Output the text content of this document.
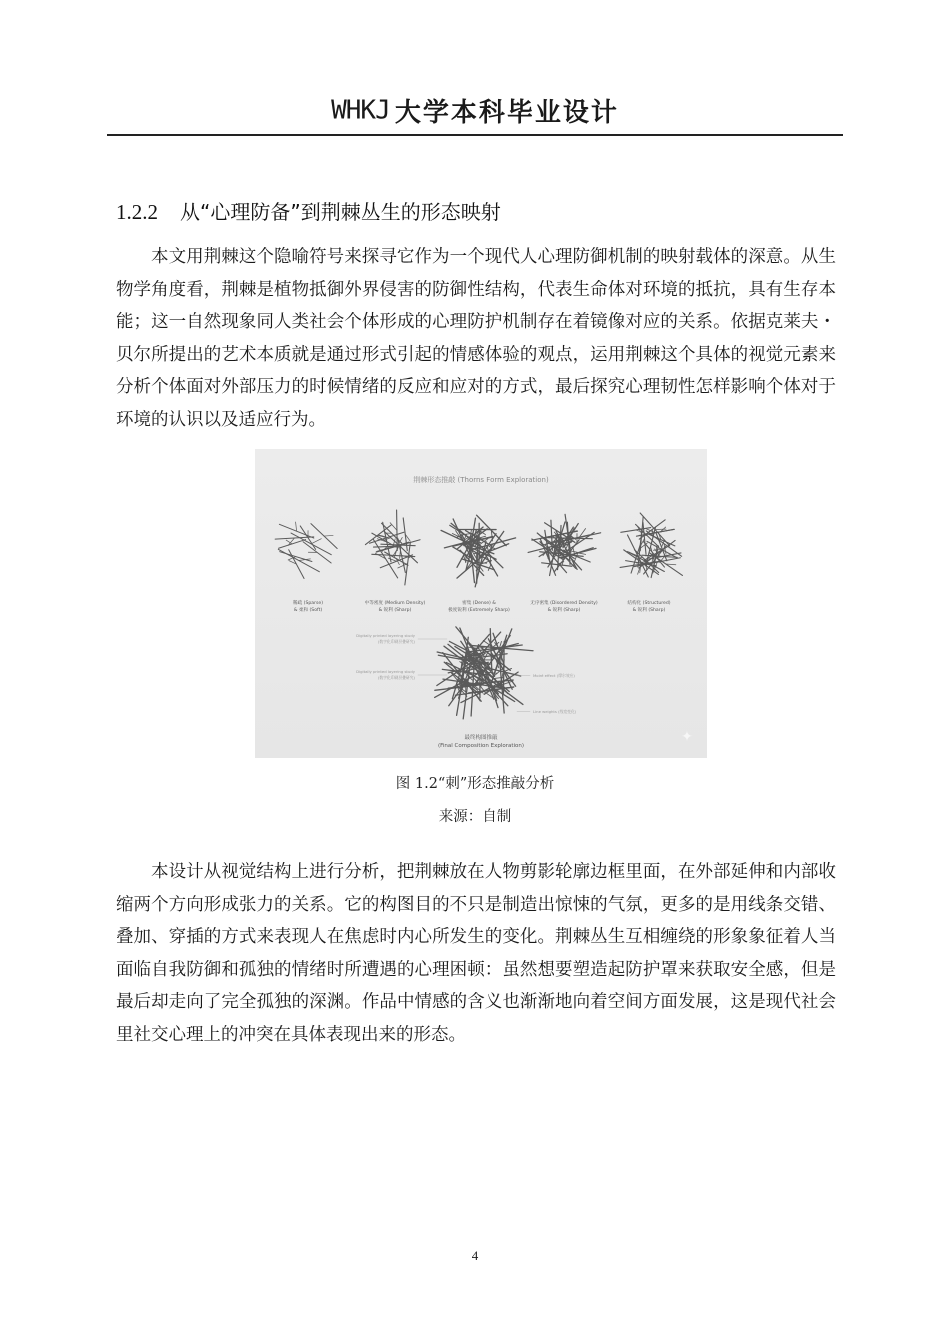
WHKJ 大学本科毕业设计
1.2.2 从“心理防备”到荆棘丛生的形态映射

本文用荆棘这个隐喻符号来探寻它作为一个现代人心理防御机制的映射载体的深意。从生物学角度看，荆棘是植物抵御外界侵害的防御性结构，代表生命体对环境的抵抗，具有生存本能；这一自然现象同人类社会个体形成的心理防护机制存在着镜像对应的关系。依据克莱夫・贝尔所提出的艺术本质就是通过形式引起的情感体验的观点，运用荆棘这个具体的视觉元素来分析个体面对外部压力的时候情绪的反应和应对的方式，最后探究心理韧性怎样影响个体对于环境的认识以及适应行为。

荆棘形态推敲 (Thorns Form Exploration)
稀疏 (Sparse)
& 柔和 (Soft)
中等密度 (Medium Density)
& 锐利 (Sharp)
密集 (Dense) &
极度锐利 (Extremely Sharp)
无序密集 (Disordered Density)
& 锐利 (Sharp)
结构化 (Structured)
& 锐利 (Sharp)
Digitally printed layering study
(数字化印刷层叠研究)
Digitally printed layering study
(数字化印刷层叠研究)	Moiré effect (摩尔效应)
Line weights (线宽变化)
最终构图推敲
(Final Composition Exploration)
✦
图 1.2“刺”形态推敲分析
来源：自制

本设计从视觉结构上进行分析，把荆棘放在人物剪影轮廓边框里面，在外部延伸和内部收缩两个方向形成张力的关系。它的构图目的不只是制造出惊悚的气氛，更多的是用线条交错、叠加、穿插的方式来表现人在焦虑时内心所发生的变化。荆棘丛生互相缠绕的形象象征着人当面临自我防御和孤独的情绪时所遭遇的心理困顿：虽然想要塑造起防护罩来获取安全感，但是最后却走向了完全孤独的深渊。作品中情感的含义也渐渐地向着空间方面发展，这是现代社会里社交心理上的冲突在具体表现出来的形态。

4
